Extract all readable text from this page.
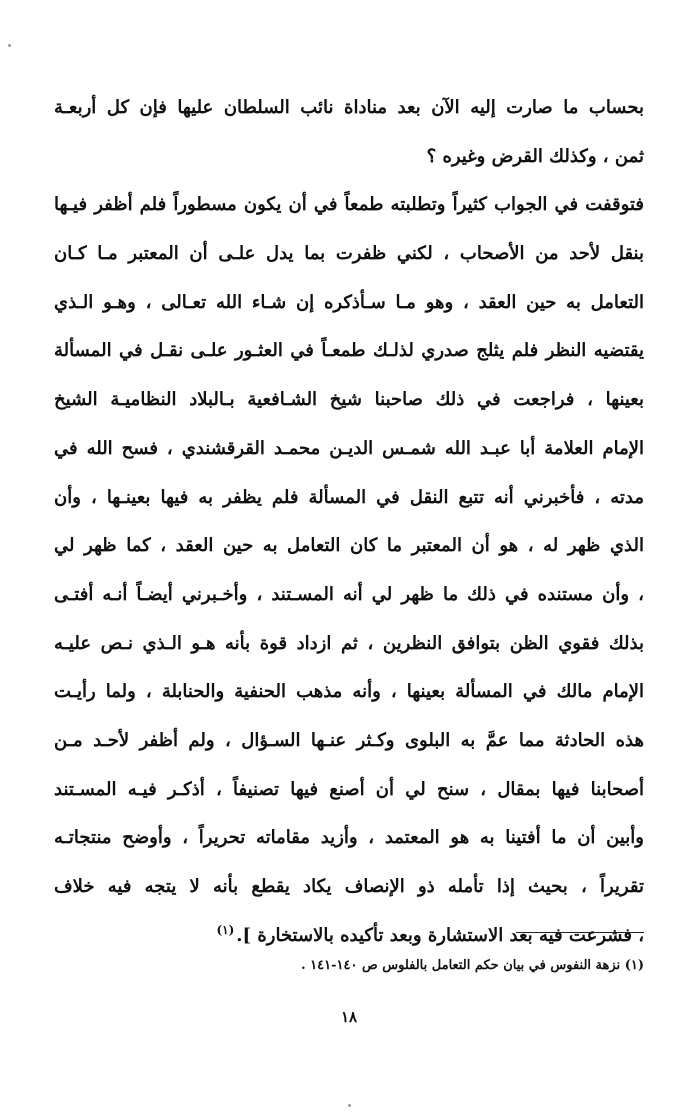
بحساب ما صارت إليه الآن بعد مناداة نائب السلطان عليها فإن كل أربعـة
ثمن ، وكذلك القرض وغيره ؟
فتوقفت في الجواب كثيراً وتطلبته طمعاً في أن يكون مسطوراً فلم أظفر فيـها
بنقل لأحد من الأصحاب ، لكني ظفرت بما يدل علـى أن المعتبر مـا كـان
التعامل به حين العقد ، وهو مـا سـأذكره إن شـاء الله تعـالى ، وهـو الـذي
يقتضيه النظر فلم يثلج صدري لذلـك طمعـاً في العثـور علـى نقـل في المسألة
بعينها ، فراجعت في ذلك صاحبنا شيخ الشـافعية بـالبلاد النظاميـة الشيخ
الإمام العلامة أبا عبـد الله شمـس الديـن محمـد القرقشندي ، فسح الله في
مدته ، فأخبرني أنه تتبع النقل في المسألة فلم يظفر به فيها بعينـها ، وأن
الذي ظهر له ، هو أن المعتبر ما كان التعامل به حين العقد ، كما ظهر لي
، وأن مستنده في ذلك ما ظهر لي أنه المسـتند ، وأخـبرني أيضـاً أنـه أفتـى
بذلك فقوي الظن بتوافق النظرين ، ثم ازداد قوة بأنه هـو الـذي نـص عليـه
الإمام مالك في المسألة بعينها ، وأنه مذهب الحنفية والحنابلة ، ولما رأيـت
هذه الحادثة مما عمَّ به البلوى وكـثر عنـها السـؤال ، ولم أظفر لأحـد مـن
أصحابنا فيها بمقال ، سنح لي أن أصنع فيها تصنيفاً ، أذكـر فيـه المسـتند
وأبين أن ما أفتينا به هو المعتمد ، وأزيد مقاماته تحريراً ، وأوضح منتجاتـه
تقريراً ، بحيث إذا تأمله ذو الإنصاف يكاد يقطع بأنه لا يتجه فيه خلاف
، فشرعت فيه بعد الاستشارة وبعد تأكيده بالاستخارة ].$^{(١)}$
(١) نزهة النفوس في بيان حكم التعامل بالفلوس ص ١٤٠-١٤١ .
١٨
